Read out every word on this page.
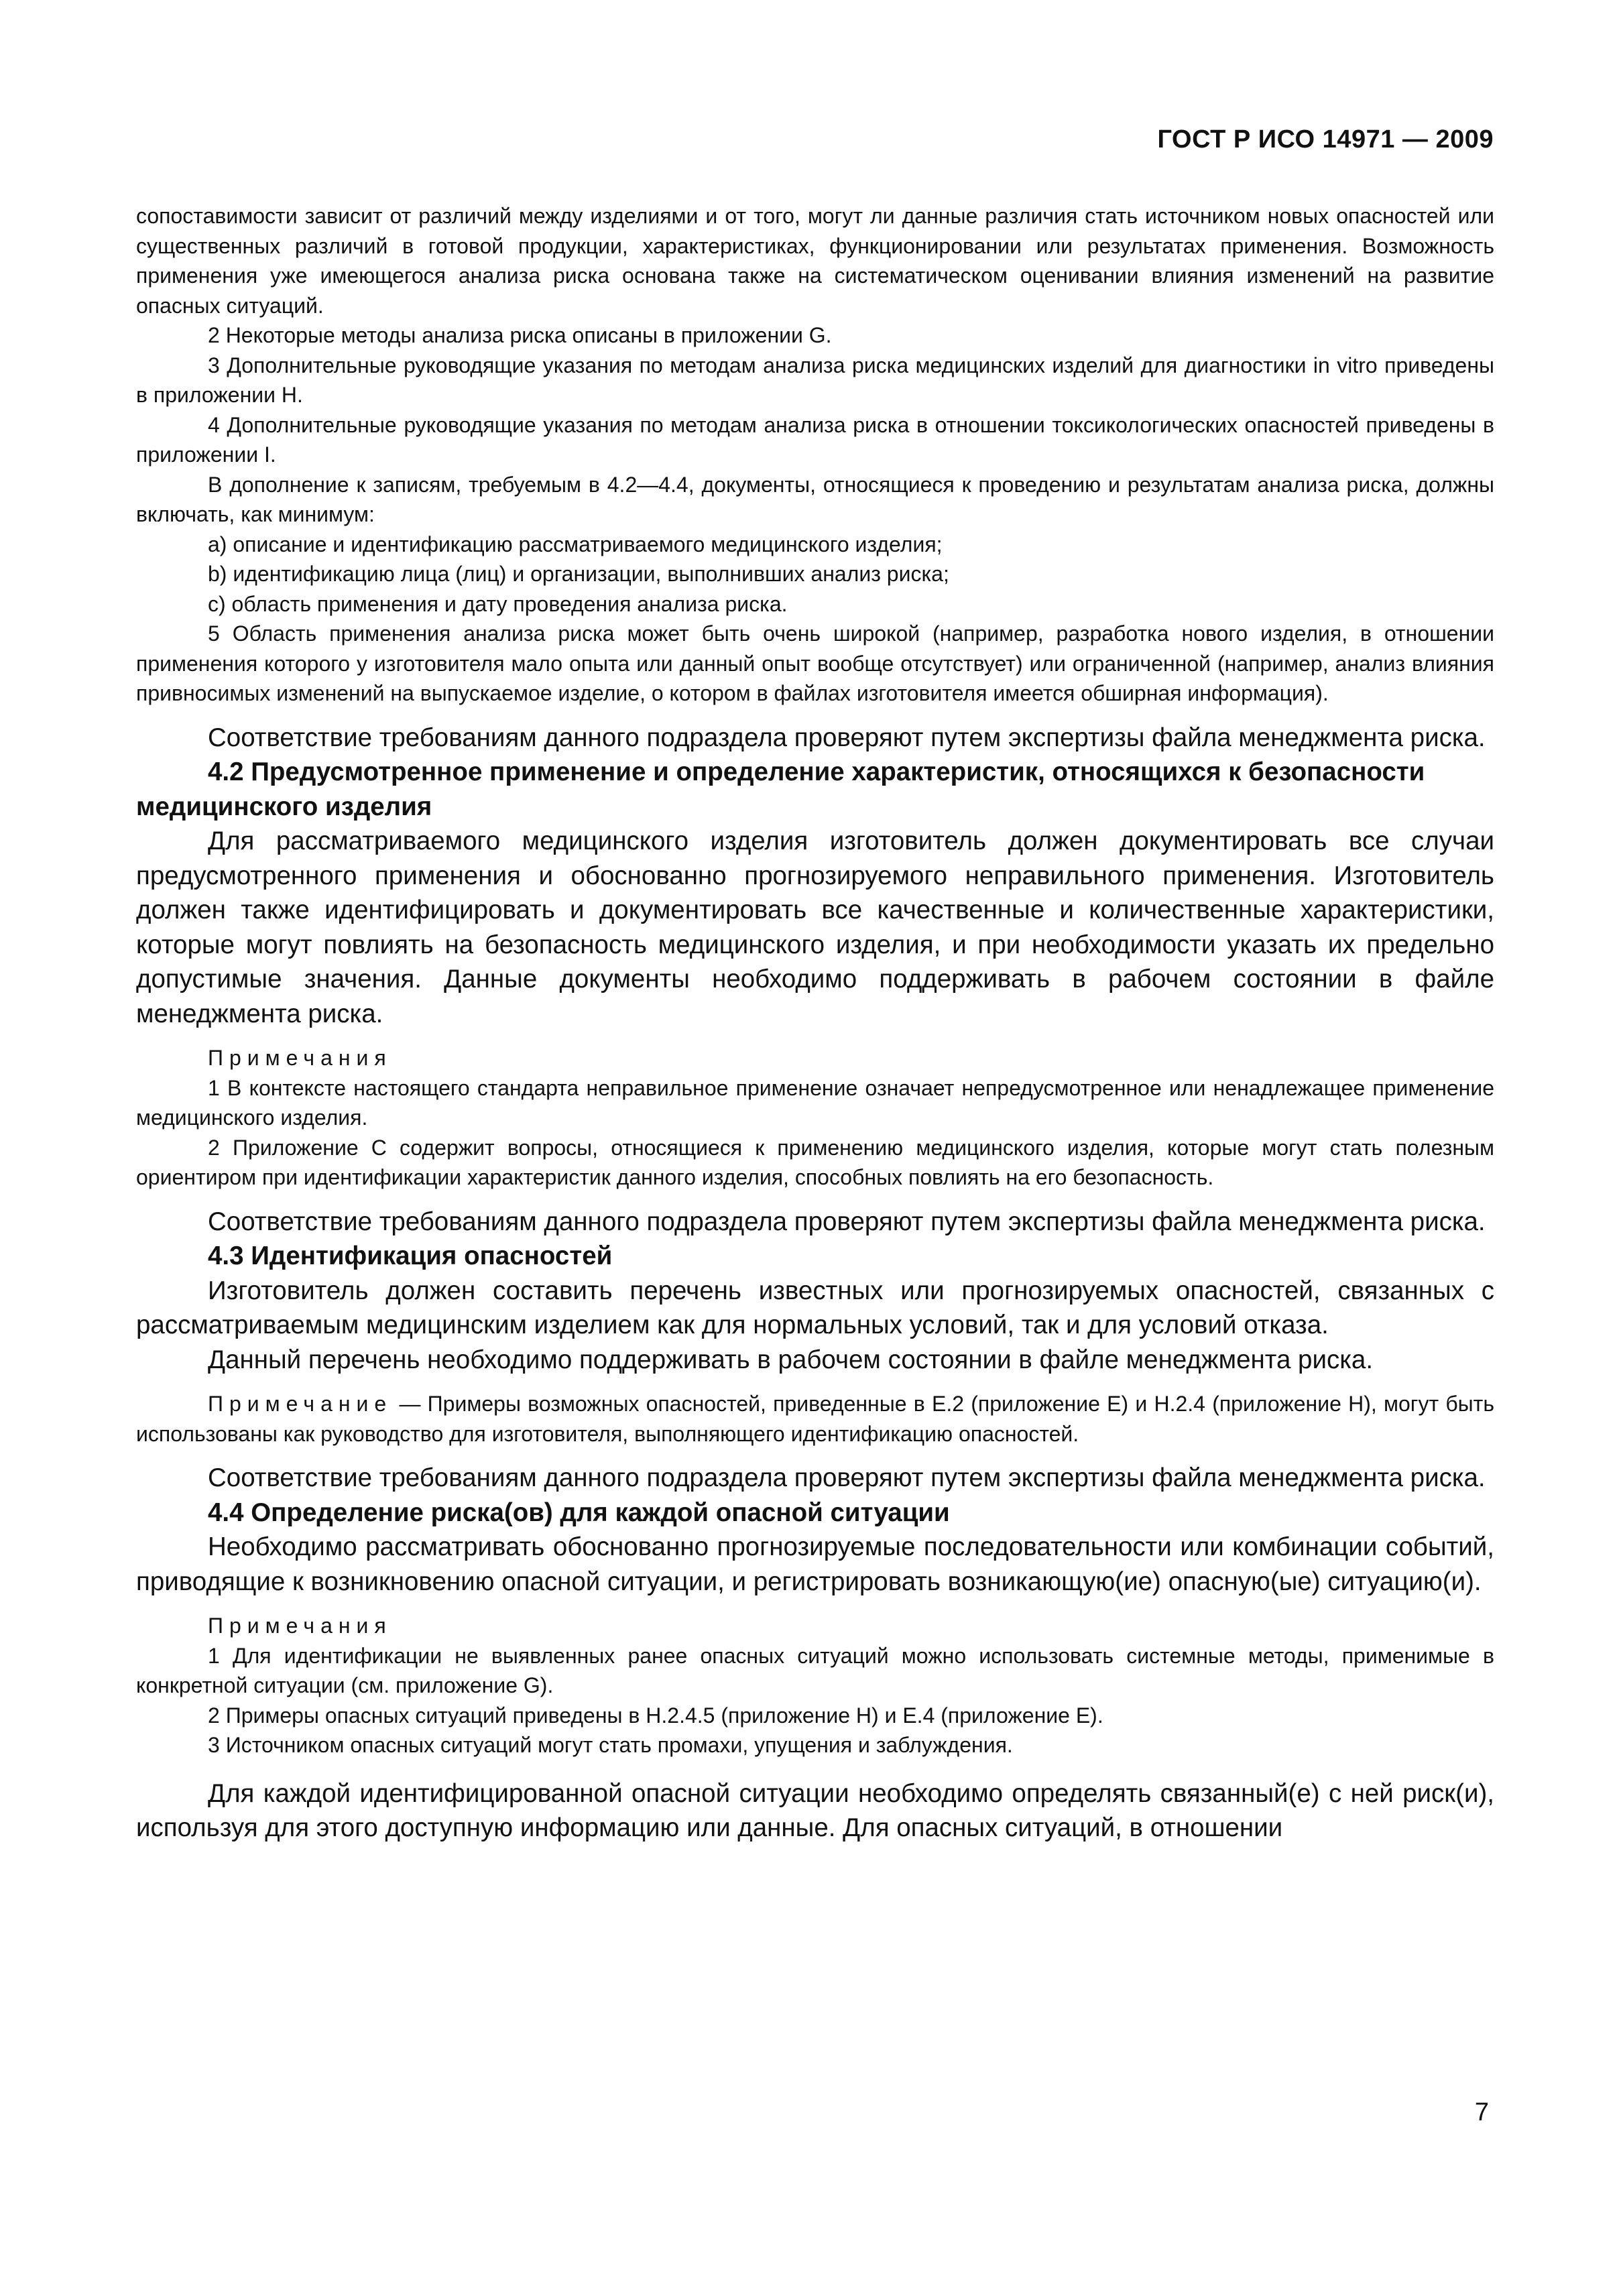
ГОСТ Р ИСО 14971 — 2009

сопоставимости зависит от различий между изделиями и от того, могут ли данные различия стать источником новых опасностей или существенных различий в готовой продукции, характеристиках, функционировании или результатах применения. Возможность применения уже имеющегося анализа риска основана также на систематическом оценивании влияния изменений на развитие опасных ситуаций.

2 Некоторые методы анализа риска описаны в приложении G.

3 Дополнительные руководящие указания по методам анализа риска медицинских изделий для диагностики in vitro приведены в приложении H.

4 Дополнительные руководящие указания по методам анализа риска в отношении токсикологических опасностей приведены в приложении I.

В дополнение к записям, требуемым в 4.2—4.4, документы, относящиеся к проведению и результатам анализа риска, должны включать, как минимум:

a) описание и идентификацию рассматриваемого медицинского изделия;

b) идентификацию лица (лиц) и организации, выполнивших анализ риска;

c) область применения и дату проведения анализа риска.

5 Область применения анализа риска может быть очень широкой (например, разработка нового изделия, в отношении применения которого у изготовителя мало опыта или данный опыт вообще отсутствует) или ограниченной (например, анализ влияния привносимых изменений на выпускаемое изделие, о котором в файлах изготовителя имеется обширная информация).

Соответствие требованиям данного подраздела проверяют путем экспертизы файла менеджмента риска.

4.2 Предусмотренное применение и определение характеристик, относящихся к безопасности медицинского изделия

Для рассматриваемого медицинского изделия изготовитель должен документировать все случаи предусмотренного применения и обоснованно прогнозируемого неправильного применения. Изготовитель должен также идентифицировать и документировать все качественные и количественные характеристики, которые могут повлиять на безопасность медицинского изделия, и при необходимости указать их предельно допустимые значения. Данные документы необходимо поддерживать в рабочем состоянии в файле менеджмента риска.

Примечания

1 В контексте настоящего стандарта неправильное применение означает непредусмотренное или ненадлежащее применение медицинского изделия.

2 Приложение C содержит вопросы, относящиеся к применению медицинского изделия, которые могут стать полезным ориентиром при идентификации характеристик данного изделия, способных повлиять на его безопасность.

Соответствие требованиям данного подраздела проверяют путем экспертизы файла менеджмента риска.

4.3 Идентификация опасностей

Изготовитель должен составить перечень известных или прогнозируемых опасностей, связанных с рассматриваемым медицинским изделием как для нормальных условий, так и для условий отказа.

Данный перечень необходимо поддерживать в рабочем состоянии в файле менеджмента риска.

Примечание — Примеры возможных опасностей, приведенные в E.2 (приложение E) и H.2.4 (приложение H), могут быть использованы как руководство для изготовителя, выполняющего идентификацию опасностей.

Соответствие требованиям данного подраздела проверяют путем экспертизы файла менеджмента риска.

4.4 Определение риска(ов) для каждой опасной ситуации

Необходимо рассматривать обоснованно прогнозируемые последовательности или комбинации событий, приводящие к возникновению опасной ситуации, и регистрировать возникающую(ие) опасную(ые) ситуацию(и).

Примечания

1 Для идентификации не выявленных ранее опасных ситуаций можно использовать системные методы, применимые в конкретной ситуации (см. приложение G).

2 Примеры опасных ситуаций приведены в H.2.4.5 (приложение H) и E.4 (приложение E).

3 Источником опасных ситуаций могут стать промахи, упущения и заблуждения.

Для каждой идентифицированной опасной ситуации необходимо определять связанный(е) с ней риск(и), используя для этого доступную информацию или данные. Для опасных ситуаций, в отношении

7
